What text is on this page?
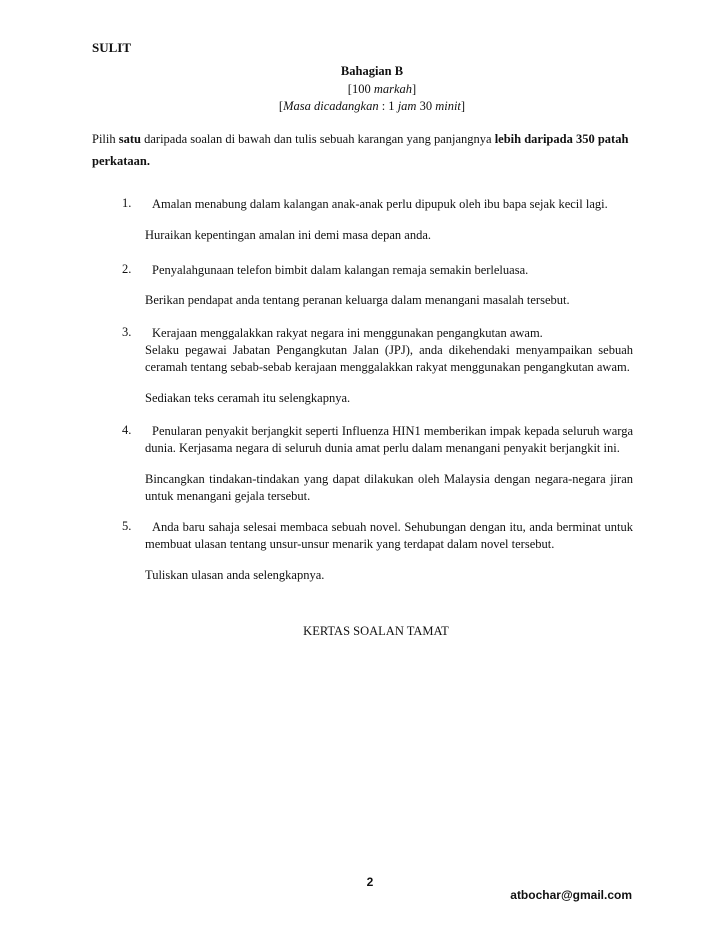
SULIT
Bahagian B
[100 markah]
[Masa dicadangkan : 1 jam 30 minit]

Pilih satu daripada soalan di bawah dan tulis sebuah karangan yang panjangnya lebih daripada 350 patah perkataan.

1.	Amalan menabung dalam kalangan anak-anak perlu dipupuk oleh ibu bapa sejak kecil lagi.

Huraikan kepentingan amalan ini demi masa depan anda.

2.	Penyalahgunaan telefon bimbit dalam kalangan remaja semakin berleluasa.

Berikan pendapat anda tentang peranan keluarga dalam menangani masalah tersebut.

3.	Kerajaan menggalakkan rakyat negara ini menggunakan pengangkutan awam.

Selaku pegawai Jabatan Pengangkutan Jalan (JPJ), anda dikehendaki menyampaikan sebuah ceramah tentang sebab-sebab kerajaan menggalakkan rakyat menggunakan pengangkutan awam.

Sediakan teks ceramah itu selengkapnya.

4.	Penularan penyakit berjangkit seperti Influenza HIN1 memberikan impak kepada seluruh warga dunia. Kerjasama negara di seluruh dunia amat perlu dalam menangani penyakit berjangkit ini.

Bincangkan tindakan-tindakan yang dapat dilakukan oleh Malaysia dengan negara-negara jiran untuk menangani gejala tersebut.

5.	Anda baru sahaja selesai membaca sebuah novel. Sehubungan dengan itu, anda berminat untuk membuat ulasan tentang unsur-unsur menarik yang terdapat dalam novel tersebut.

Tuliskan ulasan anda selengkapnya.

KERTAS SOALAN TAMAT
2
atbochar@gmail.com
